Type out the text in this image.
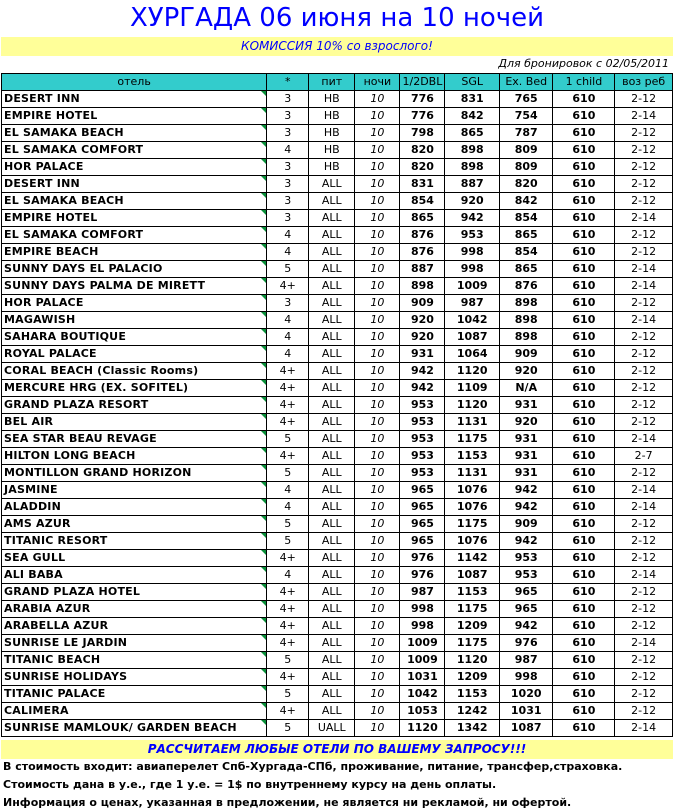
ХУРГАДА 06 июня на 10 ночей
КОМИССИЯ 10% со взрослого!
Для бронировок с 02/05/2011
отель	*	пит	ночи	1/2DBL	SGL	Ex. Bed	1 child	воз реб
DESERT INN	3	HB	10	776	831	765	610	2-12
EMPIRE HOTEL	3	HB	10	776	842	754	610	2-14
EL SAMAKA BEACH	3	HB	10	798	865	787	610	2-12
EL SAMAKA COMFORT	4	HB	10	820	898	809	610	2-12
HOR PALACE	3	HB	10	820	898	809	610	2-12
DESERT INN	3	ALL	10	831	887	820	610	2-12
EL SAMAKA BEACH	3	ALL	10	854	920	842	610	2-12
EMPIRE HOTEL	3	ALL	10	865	942	854	610	2-14
EL SAMAKA COMFORT	4	ALL	10	876	953	865	610	2-12
EMPIRE BEACH	4	ALL	10	876	998	854	610	2-12
SUNNY DAYS EL PALACIO	5	ALL	10	887	998	865	610	2-14
SUNNY DAYS PALMA DE MIRETT	4+	ALL	10	898	1009	876	610	2-14
HOR PALACE	3	ALL	10	909	987	898	610	2-12
MAGAWISH	4	ALL	10	920	1042	898	610	2-14
SAHARA BOUTIQUE	4	ALL	10	920	1087	898	610	2-12
ROYAL PALACE	4	ALL	10	931	1064	909	610	2-12
CORAL BEACH (Classic Rooms)	4+	ALL	10	942	1120	920	610	2-12
MERCURE HRG (EX. SOFITEL)	4+	ALL	10	942	1109	N/A	610	2-12
GRAND PLAZA RESORT	4+	ALL	10	953	1120	931	610	2-12
BEL AIR	4+	ALL	10	953	1131	920	610	2-12
SEA STAR BEAU REVAGE	5	ALL	10	953	1175	931	610	2-14
HILTON LONG BEACH	4+	ALL	10	953	1153	931	610	2-7
MONTILLON GRAND HORIZON	5	ALL	10	953	1131	931	610	2-12
JASMINE	4	ALL	10	965	1076	942	610	2-14
ALADDIN	4	ALL	10	965	1076	942	610	2-14
AMS AZUR	5	ALL	10	965	1175	909	610	2-12
TITANIC RESORT	5	ALL	10	965	1076	942	610	2-12
SEA GULL	4+	ALL	10	976	1142	953	610	2-12
ALI BABA	4	ALL	10	976	1087	953	610	2-14
GRAND PLAZA HOTEL	4+	ALL	10	987	1153	965	610	2-12
ARABIA AZUR	4+	ALL	10	998	1175	965	610	2-12
ARABELLA AZUR	4+	ALL	10	998	1209	942	610	2-12
SUNRISE LE JARDIN	4+	ALL	10	1009	1175	976	610	2-14
TITANIC BEACH	5	ALL	10	1009	1120	987	610	2-12
SUNRISE HOLIDAYS	4+	ALL	10	1031	1209	998	610	2-12
TITANIC PALACE	5	ALL	10	1042	1153	1020	610	2-12
CALIMERA	4+	ALL	10	1053	1242	1031	610	2-12
SUNRISE MAMLOUK/ GARDEN BEACH	5	UALL	10	1120	1342	1087	610	2-14
РАССЧИТАЕМ ЛЮБЫЕ ОТЕЛИ ПО ВАШЕМУ ЗАПРОСУ!!!
В стоимость входит: авиаперелет Спб-Хургада-СПб, проживание, питание, трансфер,страховка.
Стоимость дана в у.е., где 1 у.е. = 1$ по внутреннему курсу на день оплаты.
Информация о ценах, указанная в предложении, не является ни рекламой, ни офертой.
